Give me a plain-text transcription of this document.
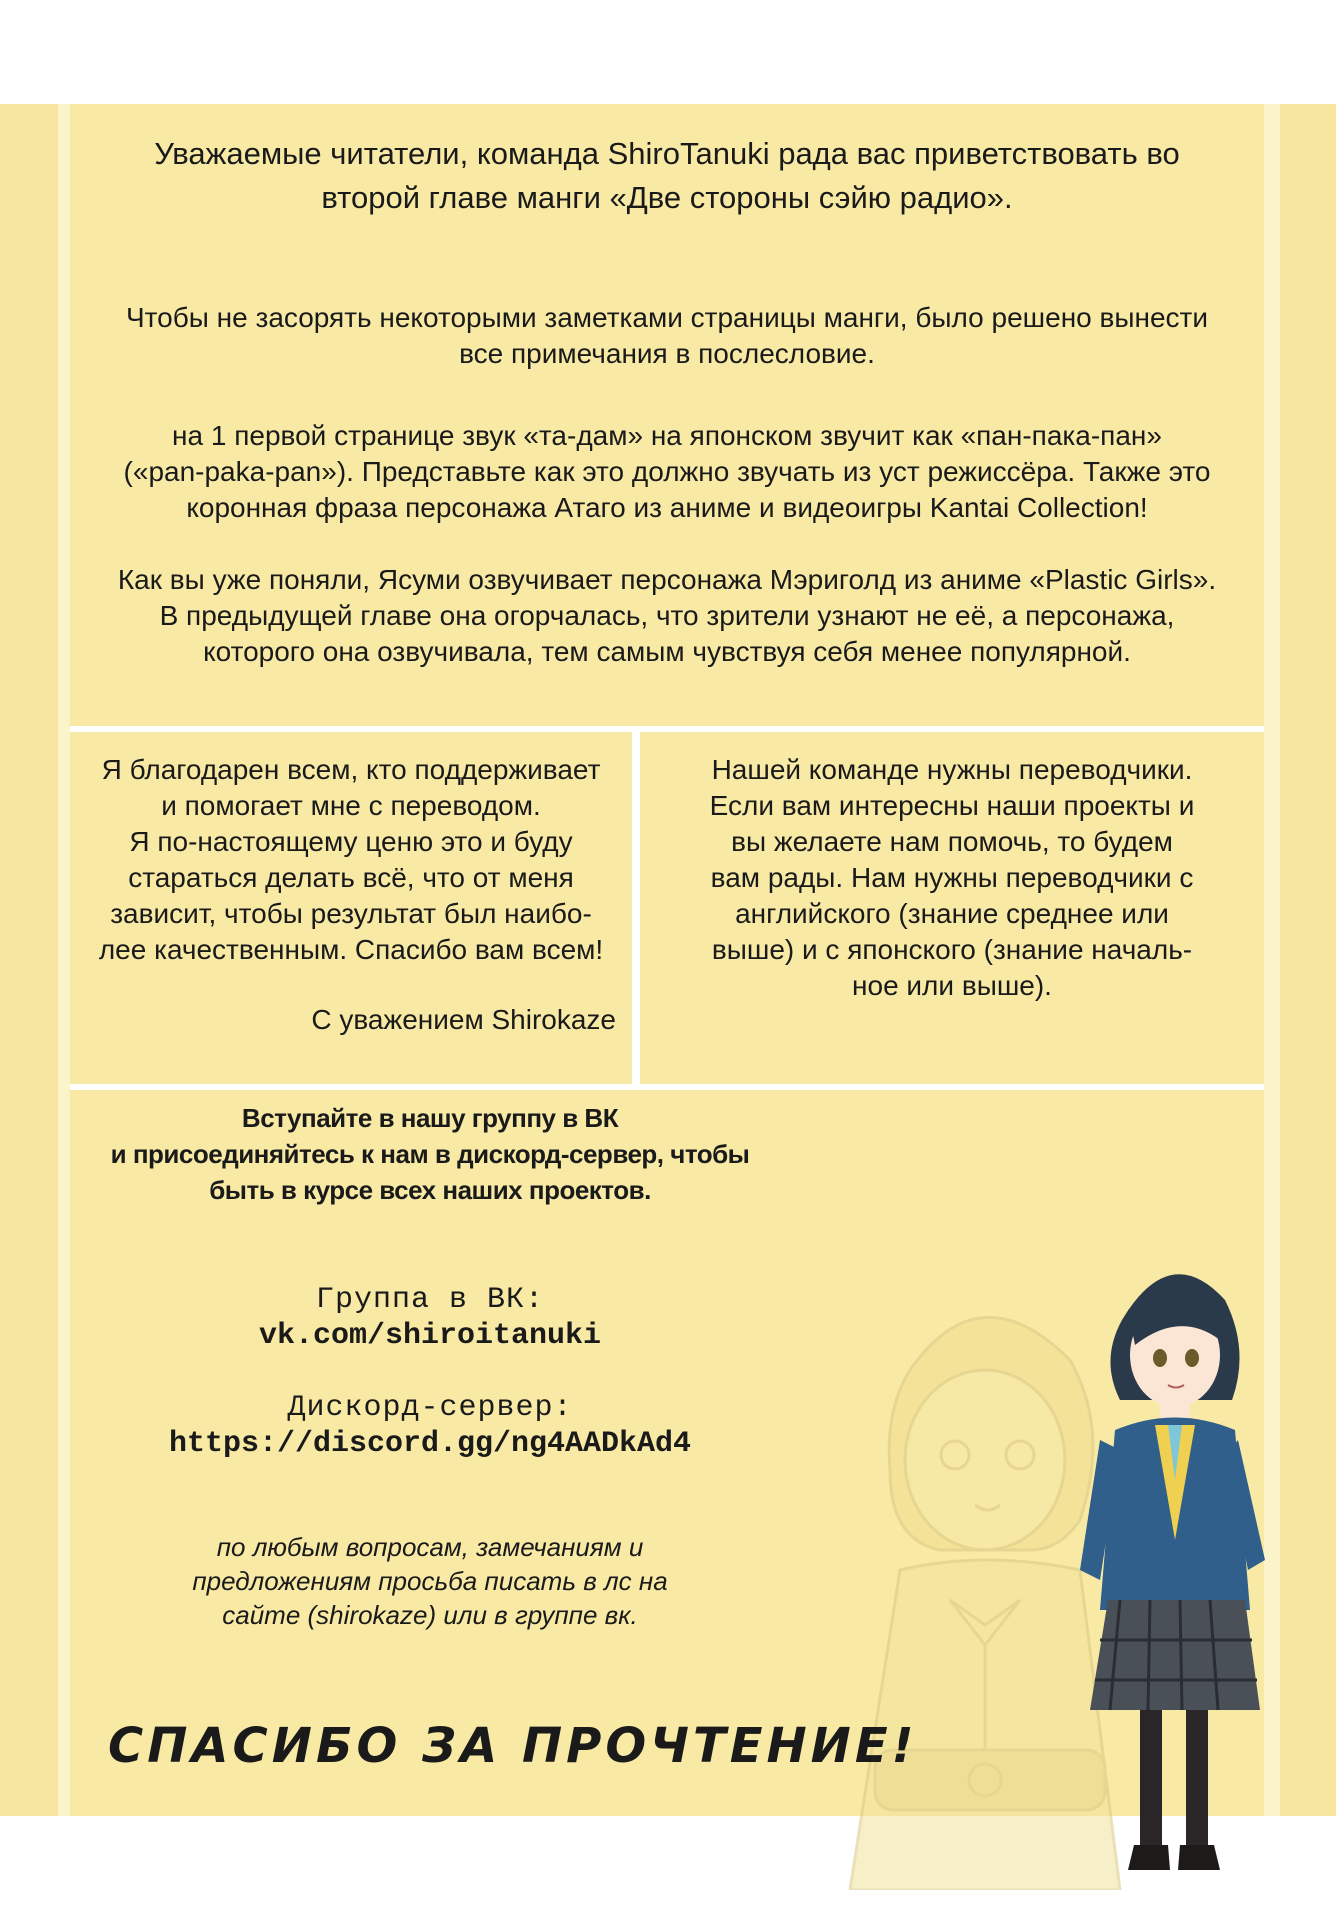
Уважаемые читатели, команда ShiroTanuki рада вас приветствовать во
второй главе манги «Две стороны сэйю радио».
Чтобы не засорять некоторыми заметками страницы манги, было решено вынести
все примечания в послесловие.
на 1 первой странице звук «та-дам» на японском звучит как «пан-пака-пан»
(«pan-paka-pan»). Представьте как это должно звучать из уст режиссёра. Также это
коронная фраза персонажа Атаго из аниме и видеоигры Kantai Collection!
Как вы уже поняли, Ясуми озвучивает персонажа Мэриголд из аниме «Plastic Girls».
В предыдущей главе она огорчалась, что зрители узнают не её, а персонажа,
которого она озвучивала, тем самым чувствуя себя менее популярной.
Я благодарен всем, кто поддерживает
и помогает мне с переводом.
Я по-настоящему ценю это и буду
стараться делать всё, что от меня
зависит, чтобы результат был наибо-
лее качественным. Спасибо вам всем!
С уважением Shirokaze
Нашей команде нужны переводчики.
Если вам интересны наши проекты и
вы желаете нам помочь, то будем
вам рады. Нам нужны переводчики с
английского (знание среднее или
выше) и с японского (знание началь-
ное или выше).
Вступайте в нашу группу в ВК
и присоединяйтесь к нам в дискорд-сервер, чтобы
быть в курсе всех наших проектов.
Группа в ВК:
vk.com/shiroitanuki
Дискорд-сервер:
https://discord.gg/ng4AADkAd4
по любым вопросам, замечаниям и
предложениям просьба писать в лс на
сайте (shirokaze) или в группе вк.
СПАСИБО ЗА ПРОЧТЕНИЕ!
